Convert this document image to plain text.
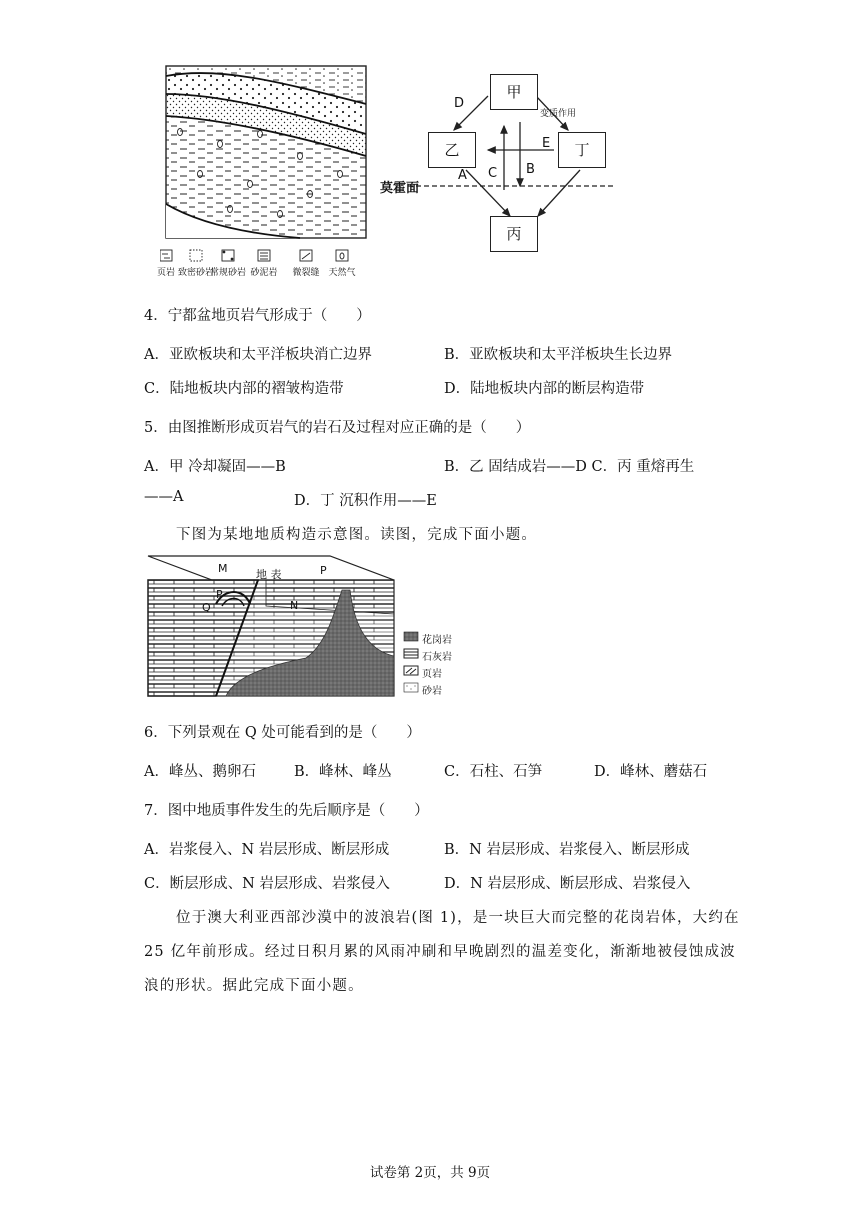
页岩 致密砂岩
常规砂岩 砂泥岩	微裂缝 天然气
甲
乙	丁
丙
D
变质作用
E
C B
A
莫霍面
4．宁都盆地页岩气形成于（　　）
A．亚欧板块和太平洋板块消亡边界	B．亚欧板块和太平洋板块生长边界
C．陆地板块内部的褶皱构造带	D．陆地板块内部的断层构造带
5．由图推断形成页岩气的岩石及过程对应正确的是（　　）
A．甲 冷却凝固——B	B．乙 固结成岩——D C．丙 重熔再生
——A	D．丁 沉积作用——E
下图为某地地质构造示意图。读图，完成下面小题。
M	地 表	P
P
Q	N
花岗岩
石灰岩
页岩
砂岩
6．下列景观在 Q 处可能看到的是（　　）
A．峰丛、鹅卵石	B．峰林、峰丛	C．石柱、石笋	D．峰林、蘑菇石
7．图中地质事件发生的先后顺序是（　　）
A．岩浆侵入、N 岩层形成、断层形成	B．N 岩层形成、岩浆侵入、断层形成
C．断层形成、N 岩层形成、岩浆侵入	D．N 岩层形成、断层形成、岩浆侵入
位于澳大利亚西部沙漠中的波浪岩(图 1)，是一块巨大而完整的花岗岩体，大约在
25 亿年前形成。经过日积月累的风雨冲刷和早晚剧烈的温差变化，渐渐地被侵蚀成波
浪的形状。据此完成下面小题。
试卷第 2页，共 9页
